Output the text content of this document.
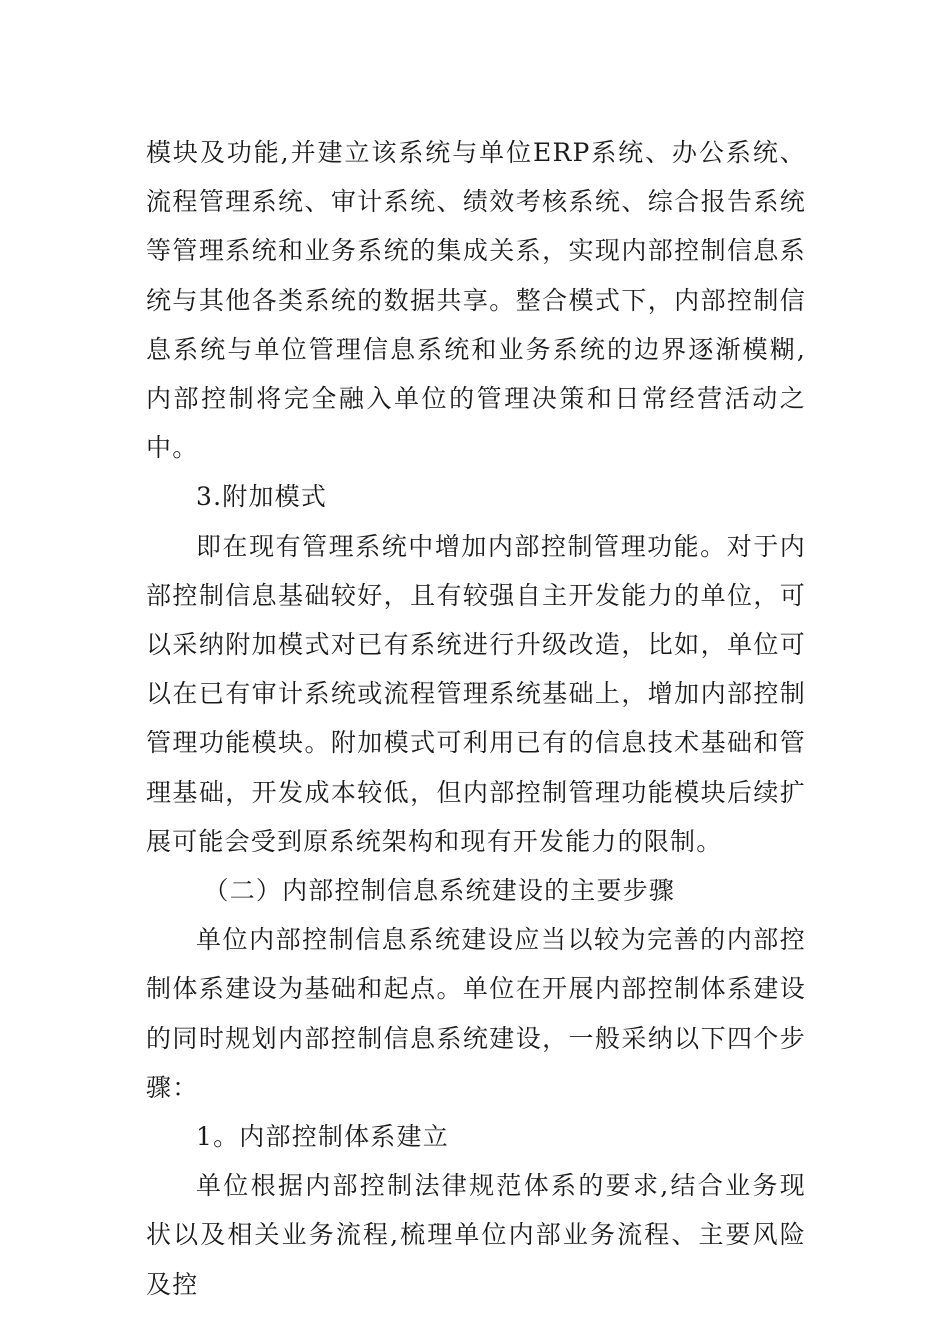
模块及功能,并建立该系统与单位ERP系统、办公系统、流程管理系统、审计系统、绩效考核系统、综合报告系统等管理系统和业务系统的集成关系，实现内部控制信息系统与其他各类系统的数据共享。整合模式下，内部控制信息系统与单位管理信息系统和业务系统的边界逐渐模糊,内部控制将完全融入单位的管理决策和日常经营活动之中。

3.附加模式

即在现有管理系统中增加内部控制管理功能。对于内部控制信息基础较好，且有较强自主开发能力的单位，可以采纳附加模式对已有系统进行升级改造，比如，单位可以在已有审计系统或流程管理系统基础上，增加内部控制管理功能模块。附加模式可利用已有的信息技术基础和管理基础，开发成本较低，但内部控制管理功能模块后续扩展可能会受到原系统架构和现有开发能力的限制。

（二）内部控制信息系统建设的主要步骤

单位内部控制信息系统建设应当以较为完善的内部控制体系建设为基础和起点。单位在开展内部控制体系建设的同时规划内部控制信息系统建设，一般采纳以下四个步骤：

1。内部控制体系建立

单位根据内部控制法律规范体系的要求,结合业务现状以及相关业务流程,梳理单位内部业务流程、主要风险及控
